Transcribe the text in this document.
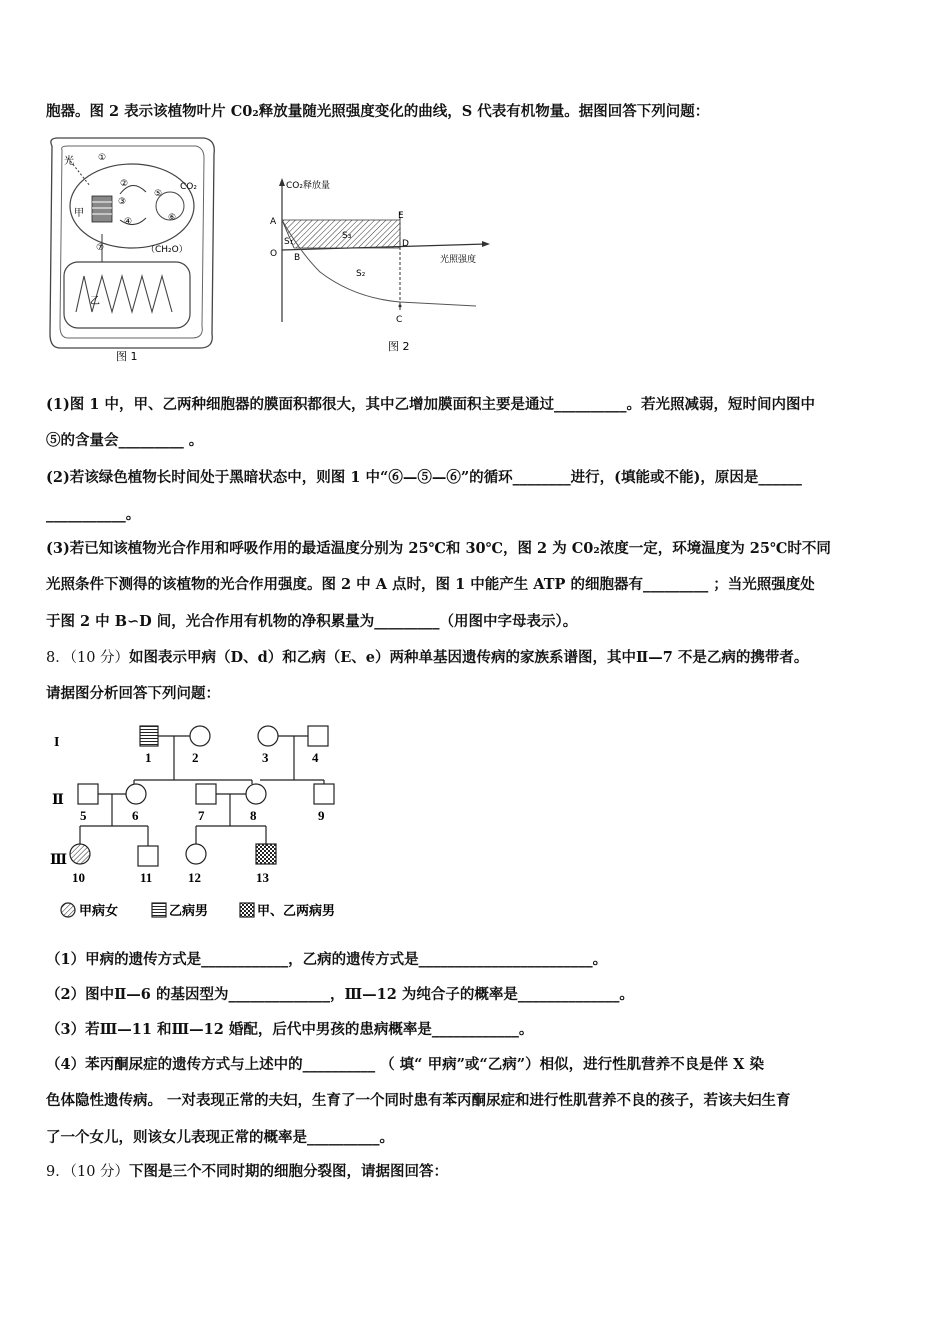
胞器。图 2 表示该植物叶片 C0₂释放量随光照强度变化的曲线，S 代表有机物量。据图回答下列问题：
光
甲
乙
CO₂
（CH₂O）
①
②
③
④
⑤
⑥
⑦
图 1
CO₂释放量
光照强度
A
O B
E
D
C
S₁
S₃
S₂
图 2
(1)图 1 中，甲、乙两种细胞器的膜面积都很大，其中乙增加膜面积主要是通过__________。若光照减弱，短时间内图中
⑤的含量会_________ 。
(2)若该绿色植物长时间处于黑暗状态中，则图 1 中“⑥—⑤—⑥”的循环________进行，(填能或不能)，原因是______
___________。
(3)若已知该植物光合作用和呼吸作用的最适温度分别为 25℃和 30℃，图 2 为 C0₂浓度一定，环境温度为 25℃时不同
光照条件下测得的该植物的光合作用强度。图 2 中 A 点时，图 1 中能产生 ATP 的细胞器有_________ ；当光照强度处
于图 2 中 B∽D 间，光合作用有机物的净积累量为_________（用图中字母表示）。
8．（10 分）如图表示甲病（D、d）和乙病（E、e）两种单基因遗传病的家族系谱图，其中Ⅱ—7 不是乙病的携带者。
请据图分析回答下列问题：
I
Ⅱ
Ⅲ
1	2	3	4
5	6	7	8	9
10	11	12	13
甲病女	乙病男	甲、乙两病男
（1）甲病的遗传方式是____________，乙病的遗传方式是________________________。
（2）图中Ⅱ—6 的基因型为______________，Ⅲ—12 为纯合子的概率是______________。
（3）若Ⅲ—11 和Ⅲ—12 婚配，后代中男孩的患病概率是____________。
（4）苯丙酮尿症的遗传方式与上述中的__________ （ 填“ 甲病”或“乙病”）相似，进行性肌营养不良是伴 X 染
色体隐性遗传病。 一对表现正常的夫妇，生育了一个同时患有苯丙酮尿症和进行性肌营养不良的孩子，若该夫妇生育
了一个女儿，则该女儿表现正常的概率是__________。
9．（10 分）下图是三个不同时期的细胞分裂图，请据图回答：
